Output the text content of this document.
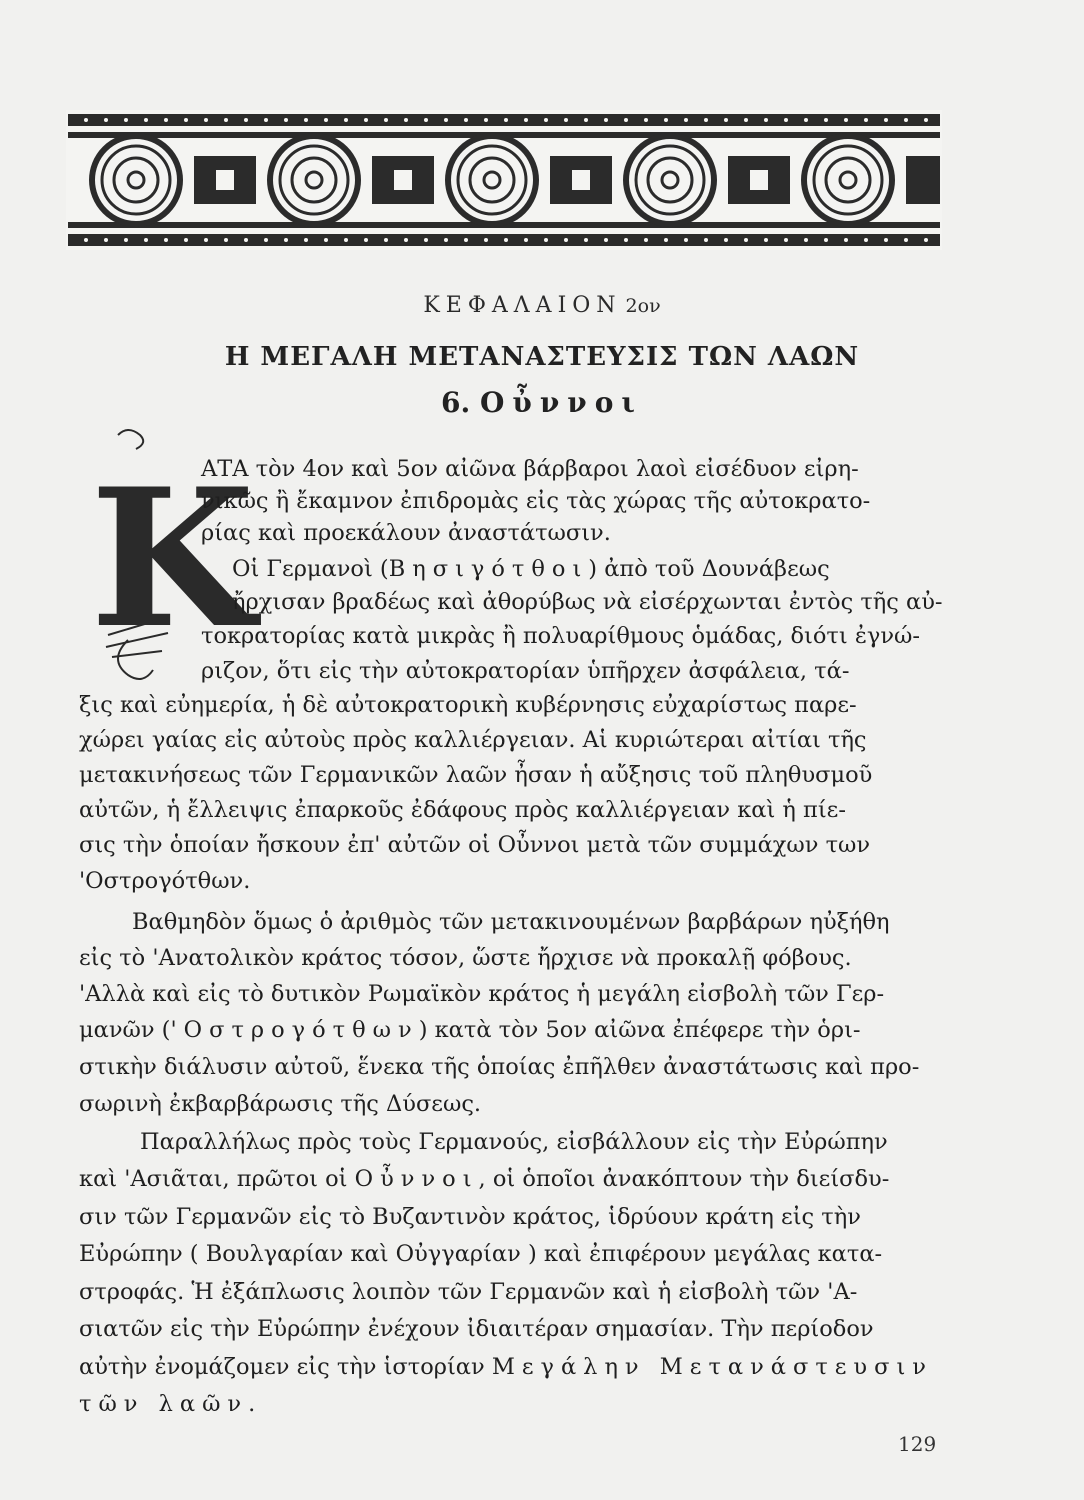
ΚΕΦΑΛΑΙΟΝ 2ον
Η ΜΕΓΑΛΗ ΜΕΤΑΝΑΣΤΕΥΣΙΣ ΤΩΝ ΛΑΩΝ
6. Οὖννοι
Κ
ΑΤΑ τὸν 4ον καὶ 5ον αἰῶνα βάρβαροι λαοὶ εἰσέδυον εἰρη-
νικῶς ἢ ἔκαμνον ἐπιδρομὰς εἰς τὰς χώρας τῆς αὐτοκρατο-
ρίας καὶ προεκάλουν ἀναστάτωσιν.
Οἱ Γερμανοὶ (Βησιγότθοι) ἀπὸ τοῦ Δουνάβεως
ἤρχισαν βραδέως καὶ ἀθορύβως νὰ εἰσέρχωνται ἐντὸς τῆς αὐ-
τοκρατορίας κατὰ μικρὰς ἢ πολυαρίθμους ὁμάδας, διότι ἐγνώ-
ριζον, ὅτι εἰς τὴν αὐτοκρατορίαν ὑπῆρχεν ἀσφάλεια, τά-
ξις καὶ εὐημερία, ἡ δὲ αὐτοκρατορικὴ κυβέρνησις εὐχαρίστως παρε-
χώρει γαίας εἰς αὐτοὺς πρὸς καλλιέργειαν. Αἱ κυριώτεραι αἰτίαι τῆς
μετακινήσεως τῶν Γερμανικῶν λαῶν ἦσαν ἡ αὔξησις τοῦ πληθυσμοῦ
αὐτῶν, ἡ ἔλλειψις ἐπαρκοῦς ἐδάφους πρὸς καλλιέργειαν καὶ ἡ πίε-
σις τὴν ὁποίαν ἤσκουν ἐπ' αὐτῶν οἱ Οὖννοι μετὰ τῶν συμμάχων των
'Οστρογότθων.
Βαθμηδὸν ὅμως ὁ ἀριθμὸς τῶν μετακινουμένων βαρβάρων ηὐξήθη
εἰς τὸ 'Ανατολικὸν κράτος τόσον, ὥστε ἤρχισε νὰ προκαλῇ φόβους.
'Αλλὰ καὶ εἰς τὸ δυτικὸν Ρωμαϊκὸν κράτος ἡ μεγάλη εἰσβολὴ τῶν Γερ-
μανῶν ('Οστρογότθων) κατὰ τὸν 5ον αἰῶνα ἐπέφερε τὴν ὁρι-
στικὴν διάλυσιν αὐτοῦ, ἕνεκα τῆς ὁποίας ἐπῆλθεν ἀναστάτωσις καὶ προ-
σωρινὴ ἐκβαρβάρωσις τῆς Δύσεως.
Παραλλήλως πρὸς τοὺς Γερμανούς, εἰσβάλλουν εἰς τὴν Εὐρώπην
καὶ 'Ασιᾶται, πρῶτοι οἱ Οὖννοι, οἱ ὁποῖοι ἀνακόπτουν τὴν διείσδυ-
σιν τῶν Γερμανῶν εἰς τὸ Βυζαντινὸν κράτος, ἱδρύουν κράτη εἰς τὴν
Εὐρώπην ( Βουλγαρίαν καὶ Οὐγγαρίαν ) καὶ ἐπιφέρουν μεγάλας κατα-
στροφάς. Ἡ ἐξάπλωσις λοιπὸν τῶν Γερμανῶν καὶ ἡ εἰσβολὴ τῶν 'Α-
σιατῶν εἰς τὴν Εὐρώπην ἐνέχουν ἰδιαιτέραν σημασίαν. Τὴν περίοδον
αὐτὴν ἐνομάζομεν εἰς τὴν ἱστορίαν Μεγάλην Μετανάστευσιν
τῶν λαῶν.
129
